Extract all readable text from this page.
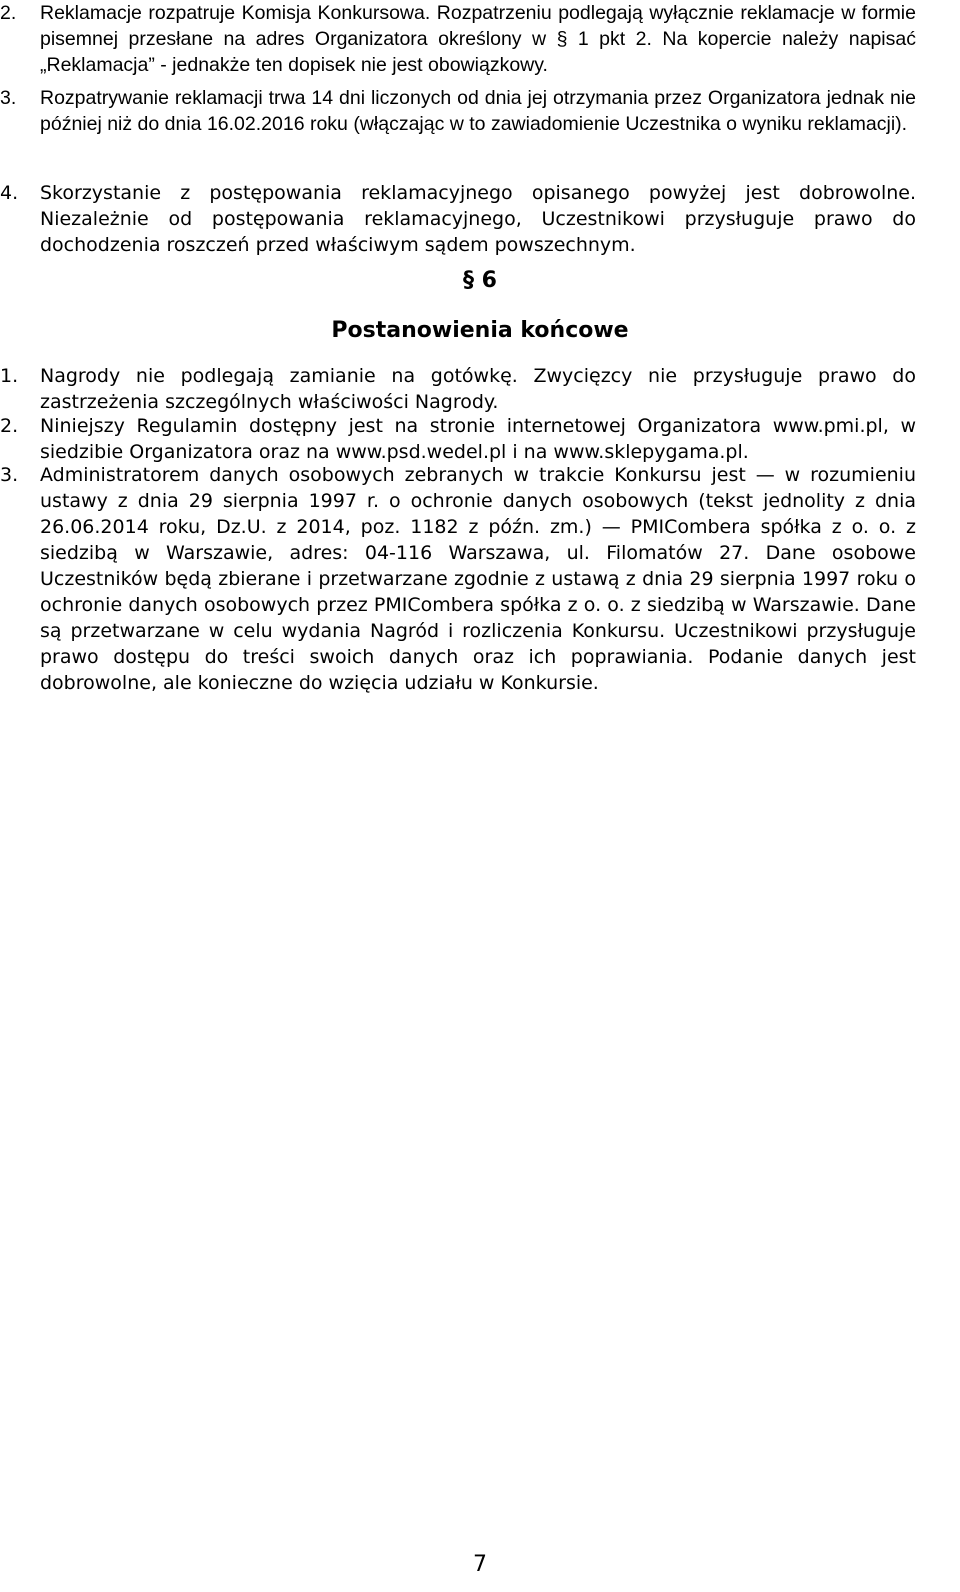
2. Reklamacje rozpatruje Komisja Konkursowa. Rozpatrzeniu podlegają wyłącznie reklamacje w formie pisemnej przesłane na adres Organizatora określony w § 1 pkt 2. Na kopercie należy napisać „Reklamacja” - jednakże ten dopisek nie jest obowiązkowy.
3. Rozpatrywanie reklamacji trwa 14 dni liczonych od dnia jej otrzymania przez Organizatora jednak nie później niż do dnia 16.02.2016 roku (włączając w to zawiadomienie Uczestnika o wyniku reklamacji).
4. Skorzystanie z postępowania reklamacyjnego opisanego powyżej jest dobrowolne. Niezależnie od postępowania reklamacyjnego, Uczestnikowi przysługuje prawo do dochodzenia roszczeń przed właściwym sądem powszechnym.
§ 6
Postanowienia końcowe
1. Nagrody nie podlegają zamianie na gotówkę. Zwycięzcy nie przysługuje prawo do zastrzeżenia szczególnych właściwości Nagrody.
2. Niniejszy Regulamin dostępny jest na stronie internetowej Organizatora www.pmi.pl, w siedzibie Organizatora oraz na www.psd.wedel.pl i na www.sklepygama.pl.
3. Administratorem danych osobowych zebranych w trakcie Konkursu jest — w rozumieniu ustawy z dnia 29 sierpnia 1997 r. o ochronie danych osobowych (tekst jednolity z dnia 26.06.2014 roku, Dz.U. z 2014, poz. 1182 z późn. zm.) — PMICombera spółka z o. o. z siedzibą w Warszawie, adres: 04-116 Warszawa, ul. Filomatów 27. Dane osobowe Uczestników będą zbierane i przetwarzane zgodnie z ustawą z dnia 29 sierpnia 1997 roku o ochronie danych osobowych przez PMICombera spółka z o. o. z siedzibą w Warszawie. Dane są przetwarzane w celu wydania Nagród i rozliczenia Konkursu. Uczestnikowi przysługuje prawo dostępu do treści swoich danych oraz ich poprawiania. Podanie danych jest dobrowolne, ale konieczne do wzięcia udziału w Konkursie.
7
